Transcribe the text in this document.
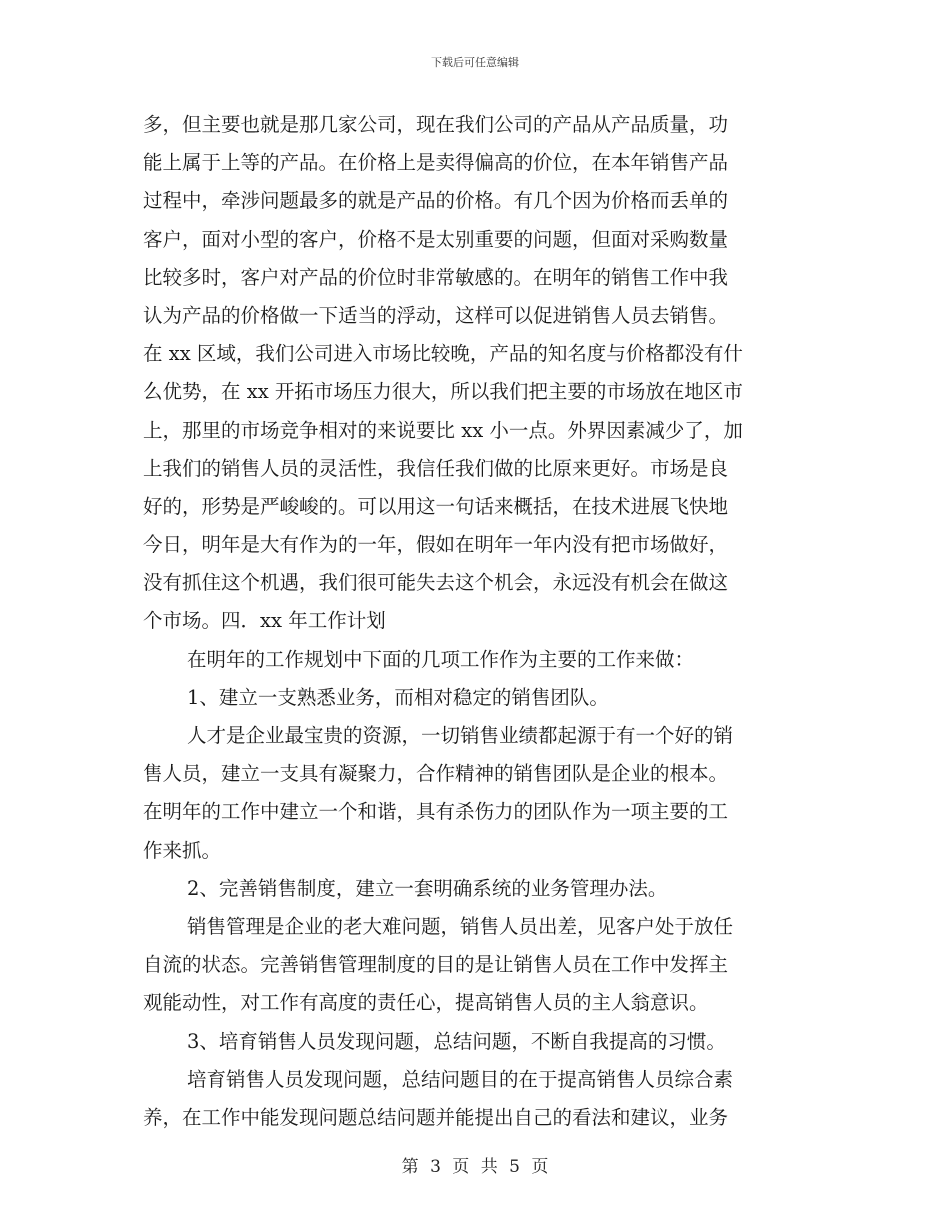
下载后可任意编辑
多，但主要也就是那几家公司，现在我们公司的产品从产品质量，功
能上属于上等的产品。在价格上是卖得偏高的价位，在本年销售产品
过程中，牵涉问题最多的就是产品的价格。有几个因为价格而丢单的
客户，面对小型的客户，价格不是太别重要的问题，但面对采购数量
比较多时，客户对产品的价位时非常敏感的。在明年的销售工作中我
认为产品的价格做一下适当的浮动，这样可以促进销售人员去销售。
在 xx 区域，我们公司进入市场比较晚，产品的知名度与价格都没有什
么优势，在 xx 开拓市场压力很大，所以我们把主要的市场放在地区市
上，那里的市场竞争相对的来说要比 xx 小一点。外界因素减少了，加
上我们的销售人员的灵活性，我信任我们做的比原来更好。市场是良
好的，形势是严峻峻的。可以用这一句话来概括，在技术进展飞快地
今日，明年是大有作为的一年，假如在明年一年内没有把市场做好，
没有抓住这个机遇，我们很可能失去这个机会，永远没有机会在做这
个市场。四．xx 年工作计划
在明年的工作规划中下面的几项工作作为主要的工作来做：
1、建立一支熟悉业务，而相对稳定的销售团队。
人才是企业最宝贵的资源，一切销售业绩都起源于有一个好的销
售人员，建立一支具有凝聚力，合作精神的销售团队是企业的根本。
在明年的工作中建立一个和谐，具有杀伤力的团队作为一项主要的工
作来抓。
2、完善销售制度，建立一套明确系统的业务管理办法。
销售管理是企业的老大难问题，销售人员出差，见客户处于放任
自流的状态。完善销售管理制度的目的是让销售人员在工作中发挥主
观能动性，对工作有高度的责任心，提高销售人员的主人翁意识。
3、培育销售人员发现问题，总结问题，不断自我提高的习惯。
培育销售人员发现问题，总结问题目的在于提高销售人员综合素
养，在工作中能发现问题总结问题并能提出自己的看法和建议，业务
第 3 页 共 5 页
